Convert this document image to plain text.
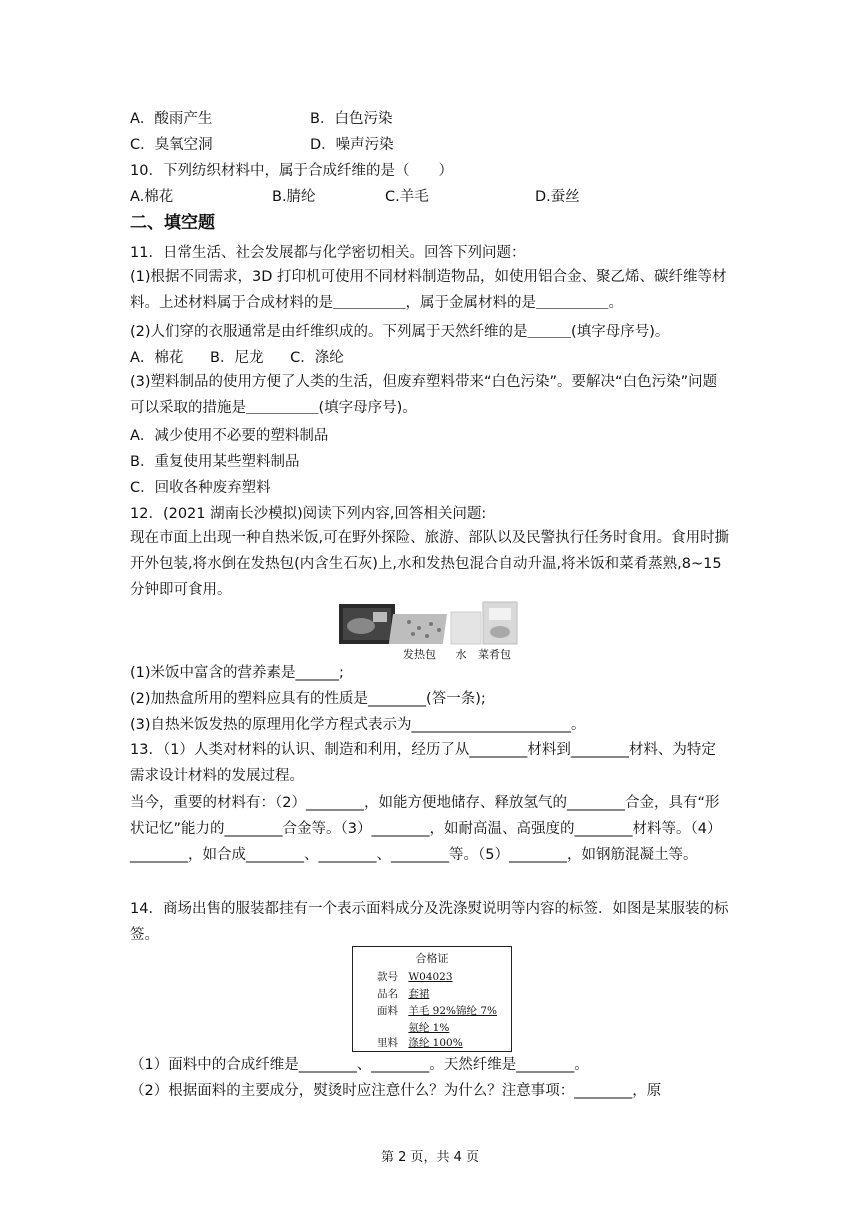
A．酸雨产生	B．白色污染
C．臭氧空洞	D．噪声污染
10．下列纺织材料中，属于合成纤维的是（　　）
A.棉花	B.腈纶	C.羊毛	D.蚕丝
二、填空题
11．日常生活、社会发展都与化学密切相关。回答下列问题：
(1)根据不同需求，3D 打印机可使用不同材料制造物品，如使用铝合金、聚乙烯、碳纤维等材料。上述材料属于合成材料的是＿＿＿＿＿，属于金属材料的是＿＿＿＿＿。
(2)人们穿的衣服通常是由纤维织成的。下列属于天然纤维的是＿＿＿(填字母序号)。
A．棉花 B．尼龙 C．涤纶
(3)塑料制品的使用方便了人类的生活，但废弃塑料带来“白色污染”。要解决“白色污染”问题可以采取的措施是＿＿＿＿＿(填字母序号)。
A．减少使用不必要的塑料制品
B．重复使用某些塑料制品
C．回收各种废弃塑料
12．(2021 湖南长沙模拟)阅读下列内容,回答相关问题:
现在市面上出现一种自热米饭,可在野外探险、旅游、部队以及民警执行任务时食用。食用时撕开外包装,将水倒在发热包(内含生石灰)上,水和发热包混合自动升温,将米饭和菜肴蒸熟,8~15 分钟即可食用。
发热包 水 菜肴包
(1)米饭中富含的营养素是______;
(2)加热盒所用的塑料应具有的性质是________(答一条);
(3)自热米饭发热的原理用化学方程式表示为______________________。
13．（1）人类对材料的认识、制造和利用，经历了从________材料到________材料、为特定需求设计材料的发展过程。
当今，重要的材料有：（2）________，如能方便地储存、释放氢气的________合金，具有“形状记忆”能力的________合金等。（3）________，如耐高温、高强度的________材料等。（4）________，如合成________、________、________等。（5）________，如钢筋混凝土等。
14．商场出售的服装都挂有一个表示面料成分及洗涤熨说明等内容的标签．如图是某服装的标签。
合格证
款号 W04023
品名 套裙
面料 羊毛 92%锦纶 7%
氨纶 1%
里料 涤纶 100%
（1）面料中的合成纤维是________、________。天然纤维是________。
（2）根据面料的主要成分，熨烫时应注意什么？为什么？注意事项：________，原
第 2 页，共 4 页
